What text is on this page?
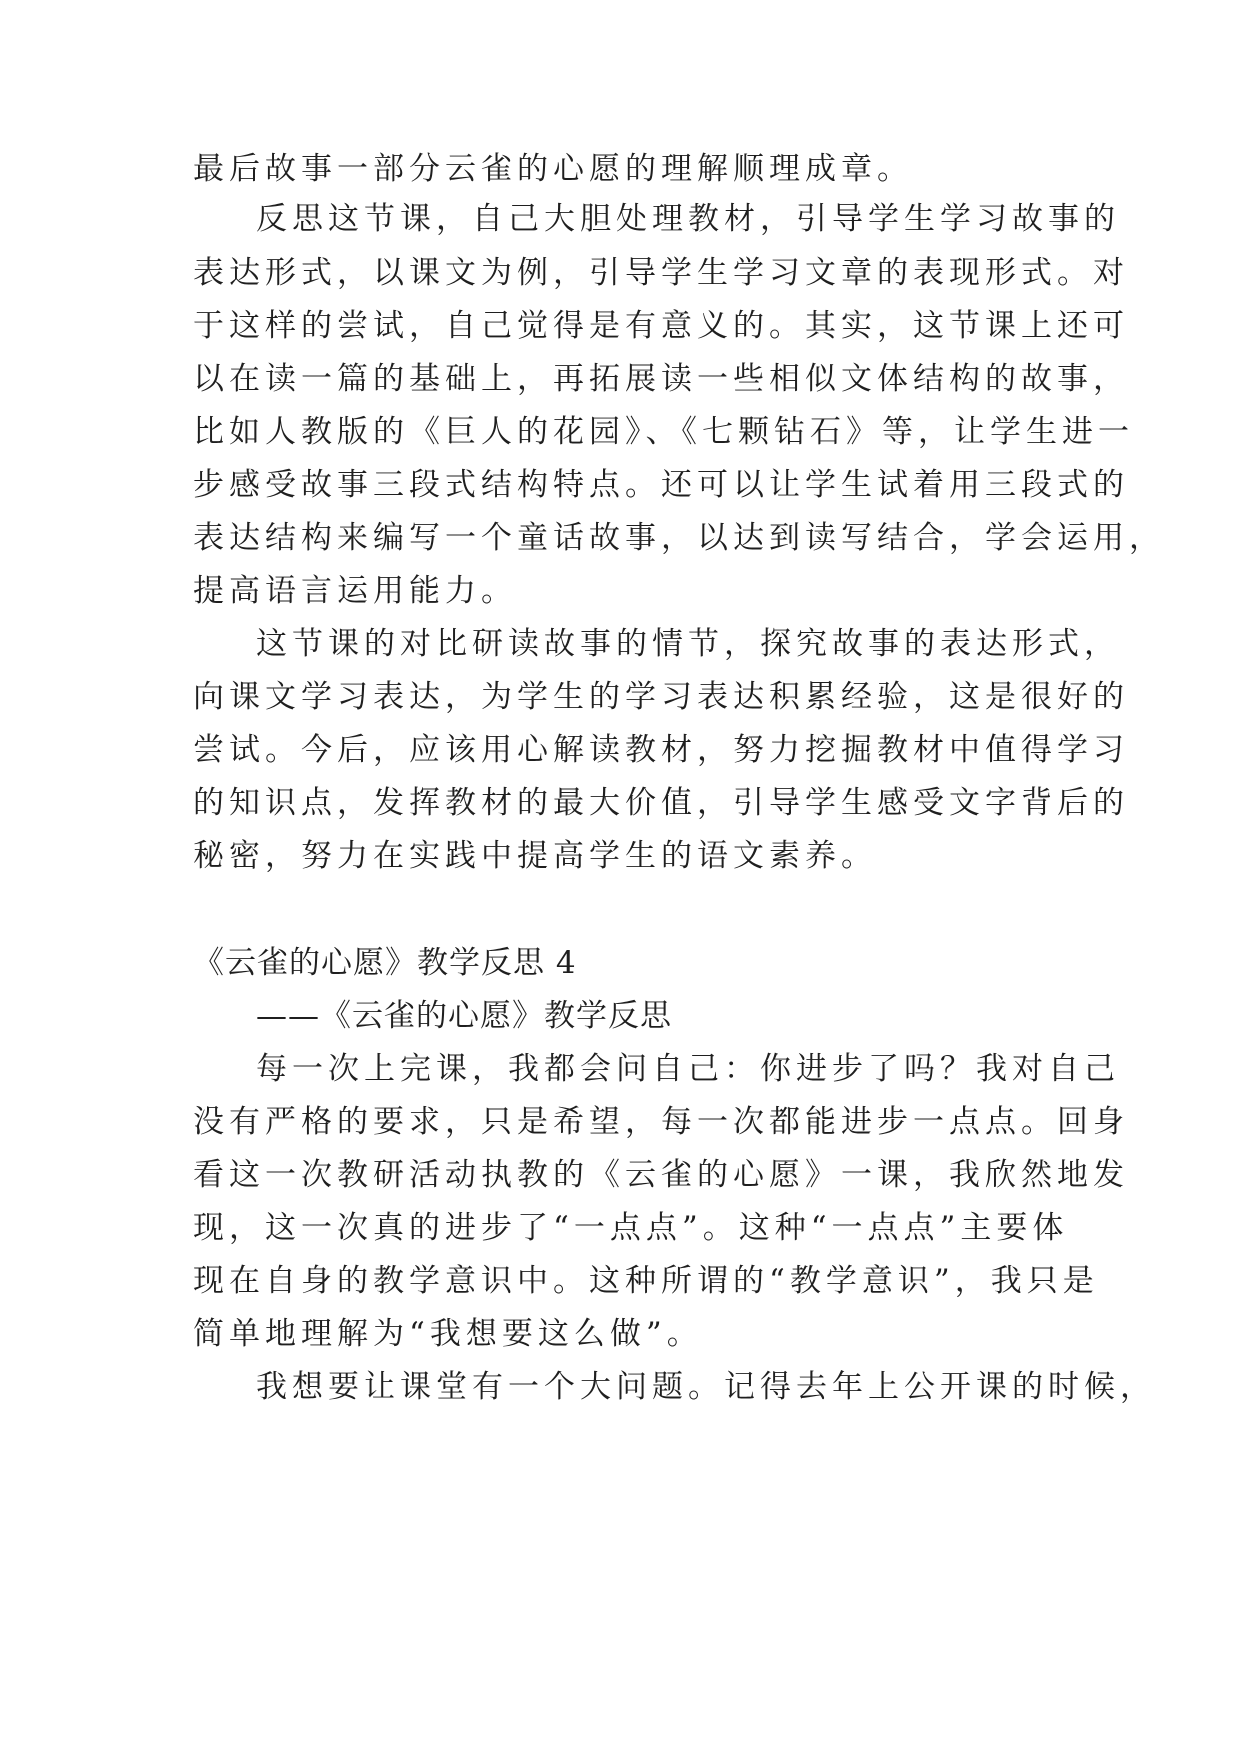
最后故事一部分云雀的心愿的理解顺理成章。
反思这节课，自己大胆处理教材，引导学生学习故事的
表达形式，以课文为例，引导学生学习文章的表现形式。对
于这样的尝试，自己觉得是有意义的。其实，这节课上还可
以在读一篇的基础上，再拓展读一些相似文体结构的故事，
比如人教版的《巨人的花园》、《七颗钻石》等，让学生进一
步感受故事三段式结构特点。还可以让学生试着用三段式的
表达结构来编写一个童话故事，以达到读写结合，学会运用，
提高语言运用能力。
这节课的对比研读故事的情节，探究故事的表达形式，
向课文学习表达，为学生的学习表达积累经验，这是很好的
尝试。今后，应该用心解读教材，努力挖掘教材中值得学习
的知识点，发挥教材的最大价值，引导学生感受文字背后的
秘密，努力在实践中提高学生的语文素养。
《云雀的心愿》教学反思 4
——《云雀的心愿》教学反思
每一次上完课，我都会问自己：你进步了吗？我对自己
没有严格的要求，只是希望，每一次都能进步一点点。回身
看这一次教研活动执教的《云雀的心愿》一课，我欣然地发
现，这一次真的进步了“一点点”。这种“一点点”主要体
现在自身的教学意识中。这种所谓的“教学意识”，我只是
简单地理解为“我想要这么做”。
我想要让课堂有一个大问题。记得去年上公开课的时候，
